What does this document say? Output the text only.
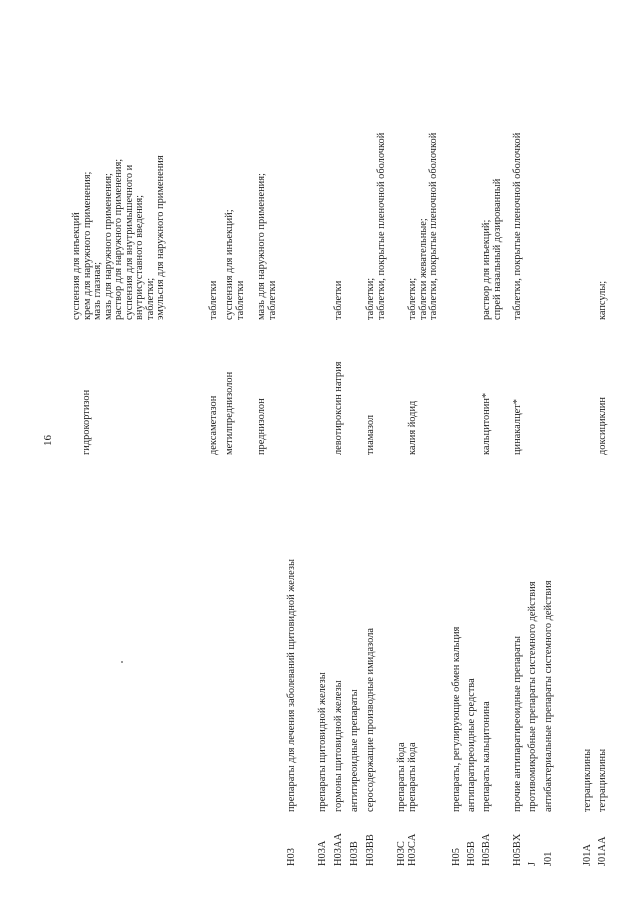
16	гидрокортизон
суспензия для инъекций
крем для наружного применения;
мазь глазная;
мазь для наружного применения;
раствор для наружного применения;
суспензия для внутримышечного и
внутрисуставного введения;
таблетки;
эмульсия для наружного применения
дексаметазон
таблетки
метилпреднизолон
суспензия для инъекций;
таблетки
преднизолон
мазь для наружного применения;
таблетки
H03
препараты для лечения заболеваний щитовидной железы
H03A
препараты щитовидной железы
H03AA
гормоны щитовидной железы
левотироксин натрия
таблетки
H03B
антитиреоидные препараты
H03BB
серосодержащие производные имидазола
тиамазол
таблетки;
таблетки, покрытые пленочной оболочкой
H03C
препараты йода
H03CA
препараты йода
калия йодид
таблетки;
таблетки жевательные;
таблетки, покрытые пленочной оболочкой
H05
препараты, регулирующие обмен кальция
H05B
антипаратиреоидные средства
H05BA
препараты кальцитонина
кальцитонин*
раствор для инъекций;
спрей назальный дозированный
H05BX
прочие антипаратиреоидные препараты
цинакалцет*
таблетки, покрытые пленочной оболочкой
J
противомикробные препараты системного действия
J01
антибактериальные препараты системного действия
J01A
тетрациклины
J01AA
тетрациклины
доксициклин
капсулы;
